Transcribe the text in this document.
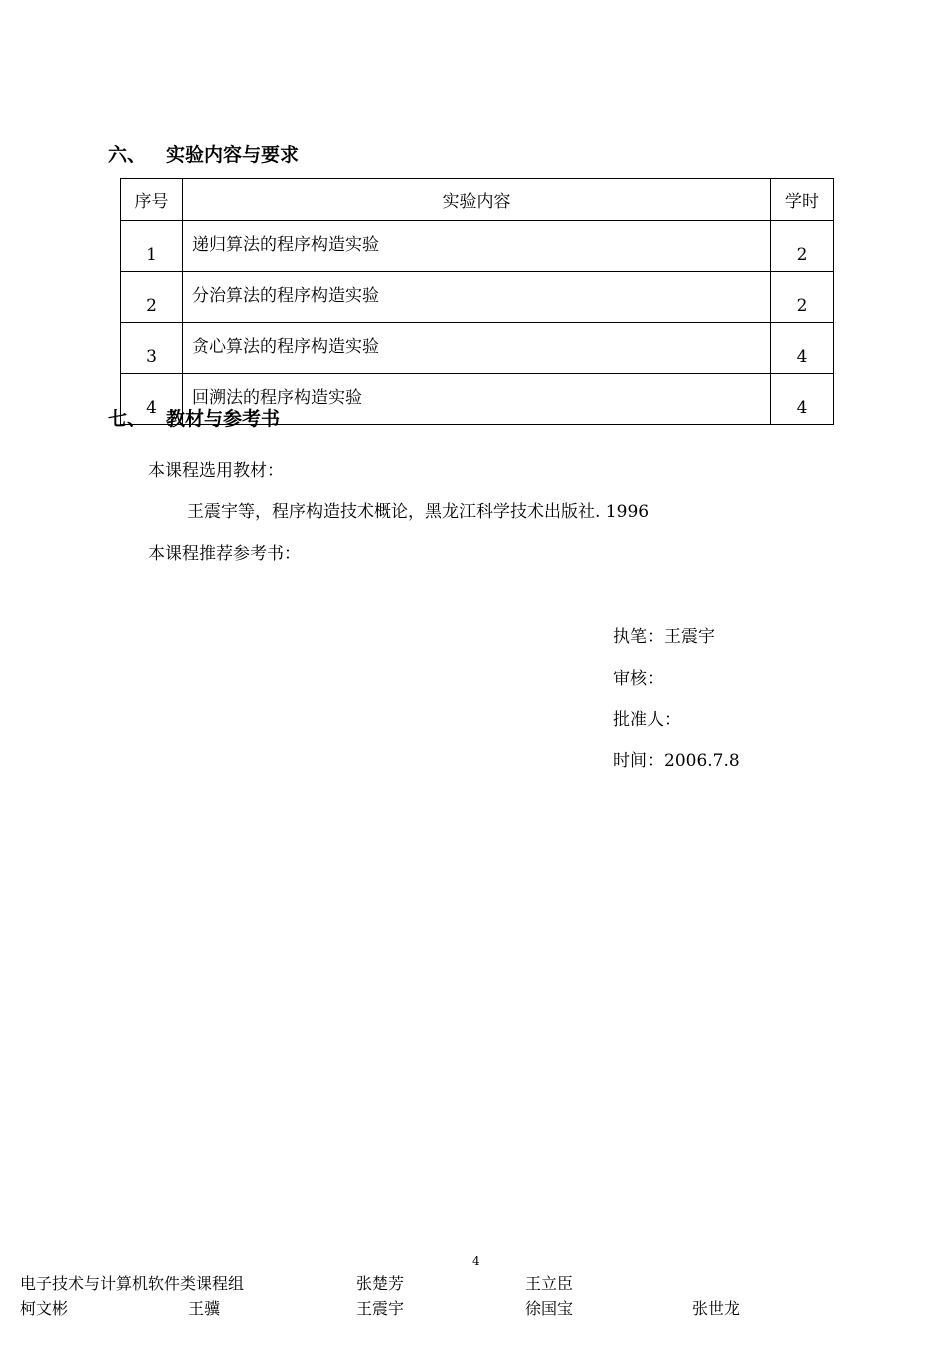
六、 实验内容与要求
序号	实验内容	学时
1	递归算法的程序构造实验	2
2	分治算法的程序构造实验	2
3	贪心算法的程序构造实验	4
4	回溯法的程序构造实验	4
七、 教材与参考书
本课程选用教材：
王震宇等，程序构造技术概论，黑龙江科学技术出版社. 1996
本课程推荐参考书：
执笔：王震宇
审核：
批准人：
时间：2006.7.8
4
电子技术与计算机软件类课程组	张楚芳	王立臣
柯文彬	王骥	王震宇	徐国宝	张世龙
